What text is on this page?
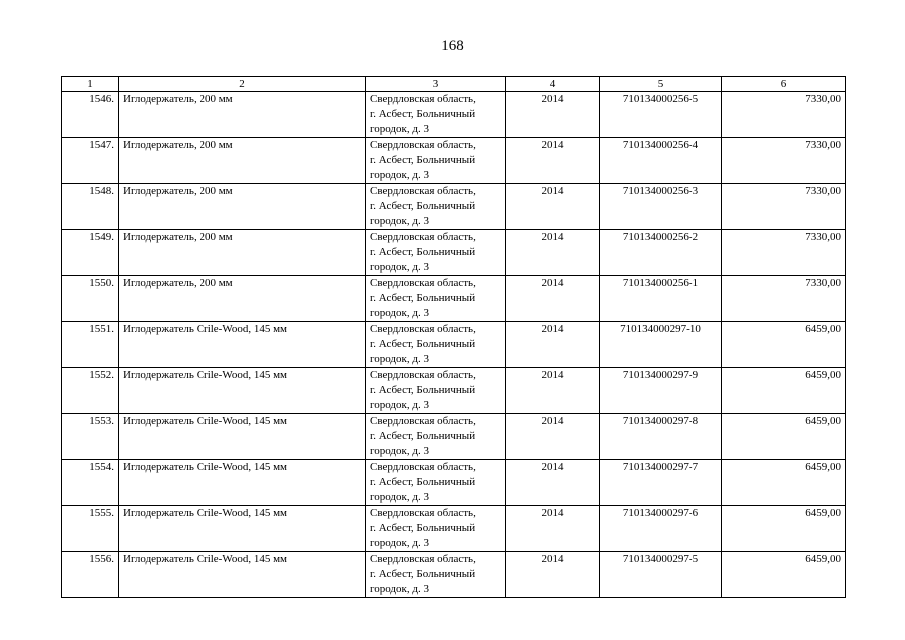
168
1	2	3	4	5	6
1546.	Иглодержатель, 200 мм	Свердловская область,
г. Асбест, Больничный
городок, д. 3	2014	710134000256-5	7330,00
1547.	Иглодержатель, 200 мм	Свердловская область,
г. Асбест, Больничный
городок, д. 3	2014	710134000256-4	7330,00
1548.	Иглодержатель, 200 мм	Свердловская область,
г. Асбест, Больничный
городок, д. 3	2014	710134000256-3	7330,00
1549.	Иглодержатель, 200 мм	Свердловская область,
г. Асбест, Больничный
городок, д. 3	2014	710134000256-2	7330,00
1550.	Иглодержатель, 200 мм	Свердловская область,
г. Асбест, Больничный
городок, д. 3	2014	710134000256-1	7330,00
1551.	Иглодержатель Crile-Wood, 145 мм	Свердловская область,
г. Асбест, Больничный
городок, д. 3	2014	710134000297-10	6459,00
1552.	Иглодержатель Crile-Wood, 145 мм	Свердловская область,
г. Асбест, Больничный
городок, д. 3	2014	710134000297-9	6459,00
1553.	Иглодержатель Crile-Wood, 145 мм	Свердловская область,
г. Асбест, Больничный
городок, д. 3	2014	710134000297-8	6459,00
1554.	Иглодержатель Crile-Wood, 145 мм	Свердловская область,
г. Асбест, Больничный
городок, д. 3	2014	710134000297-7	6459,00
1555.	Иглодержатель Crile-Wood, 145 мм	Свердловская область,
г. Асбест, Больничный
городок, д. 3	2014	710134000297-6	6459,00
1556.	Иглодержатель Crile-Wood, 145 мм	Свердловская область,
г. Асбест, Больничный
городок, д. 3	2014	710134000297-5	6459,00
